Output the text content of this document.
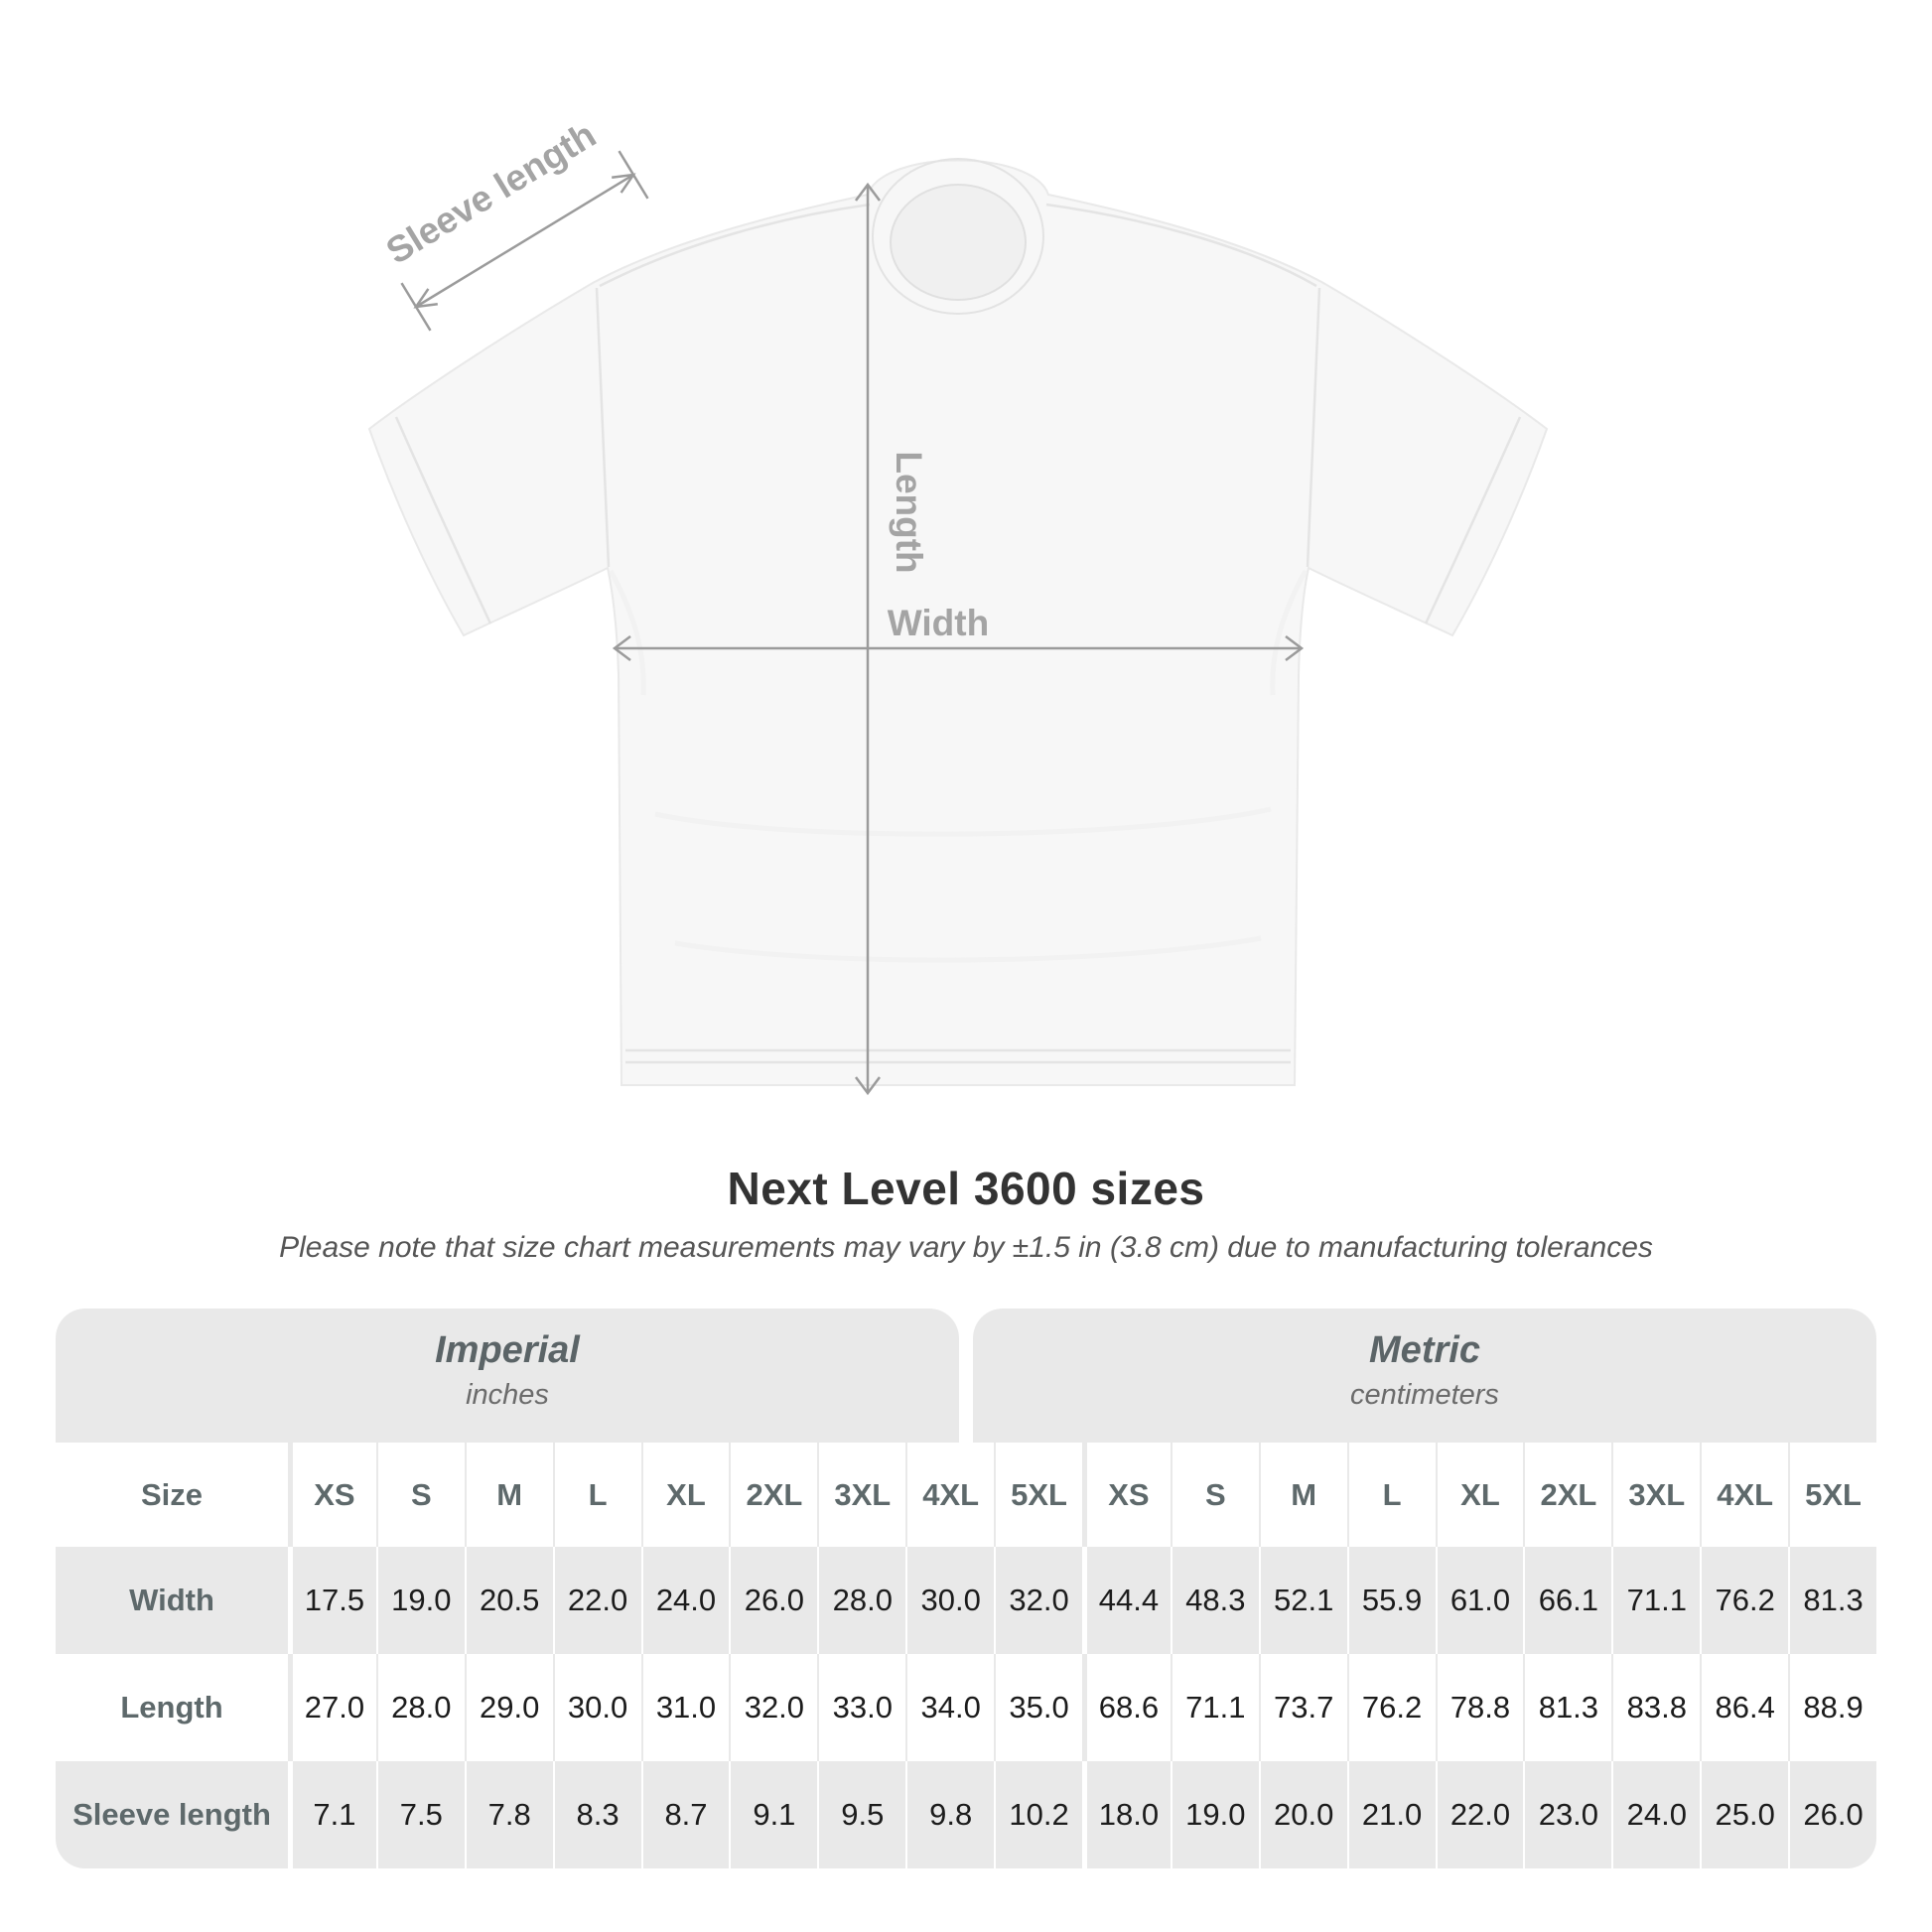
Sleeve length
Length
Width
Next Level 3600 sizes

Please note that size chart measurements may vary by ±1.5 in (3.8 cm) due to manufacturing tolerances

Imperial
inches
Metric
centimeters
Size	XS	S	M	L	XL	2XL	3XL	4XL	5XL	XS	S	M	L	XL	2XL	3XL	4XL	5XL
Width	17.5 19.0 20.5 22.0 24.0 26.0 28.0 30.0 32.0 44.4 48.3 52.1 55.9 61.0 66.1 71.1 76.2 81.3
Length	27.0 28.0 29.0 30.0 31.0 32.0 33.0 34.0 35.0 68.6 71.1 73.7 76.2 78.8 81.3 83.8 86.4 88.9
Sleeve length	7.1	7.5	7.8	8.3	8.7	9.1	9.5	9.8	10.2 18.0 19.0 20.0 21.0 22.0 23.0 24.0 25.0 26.0
